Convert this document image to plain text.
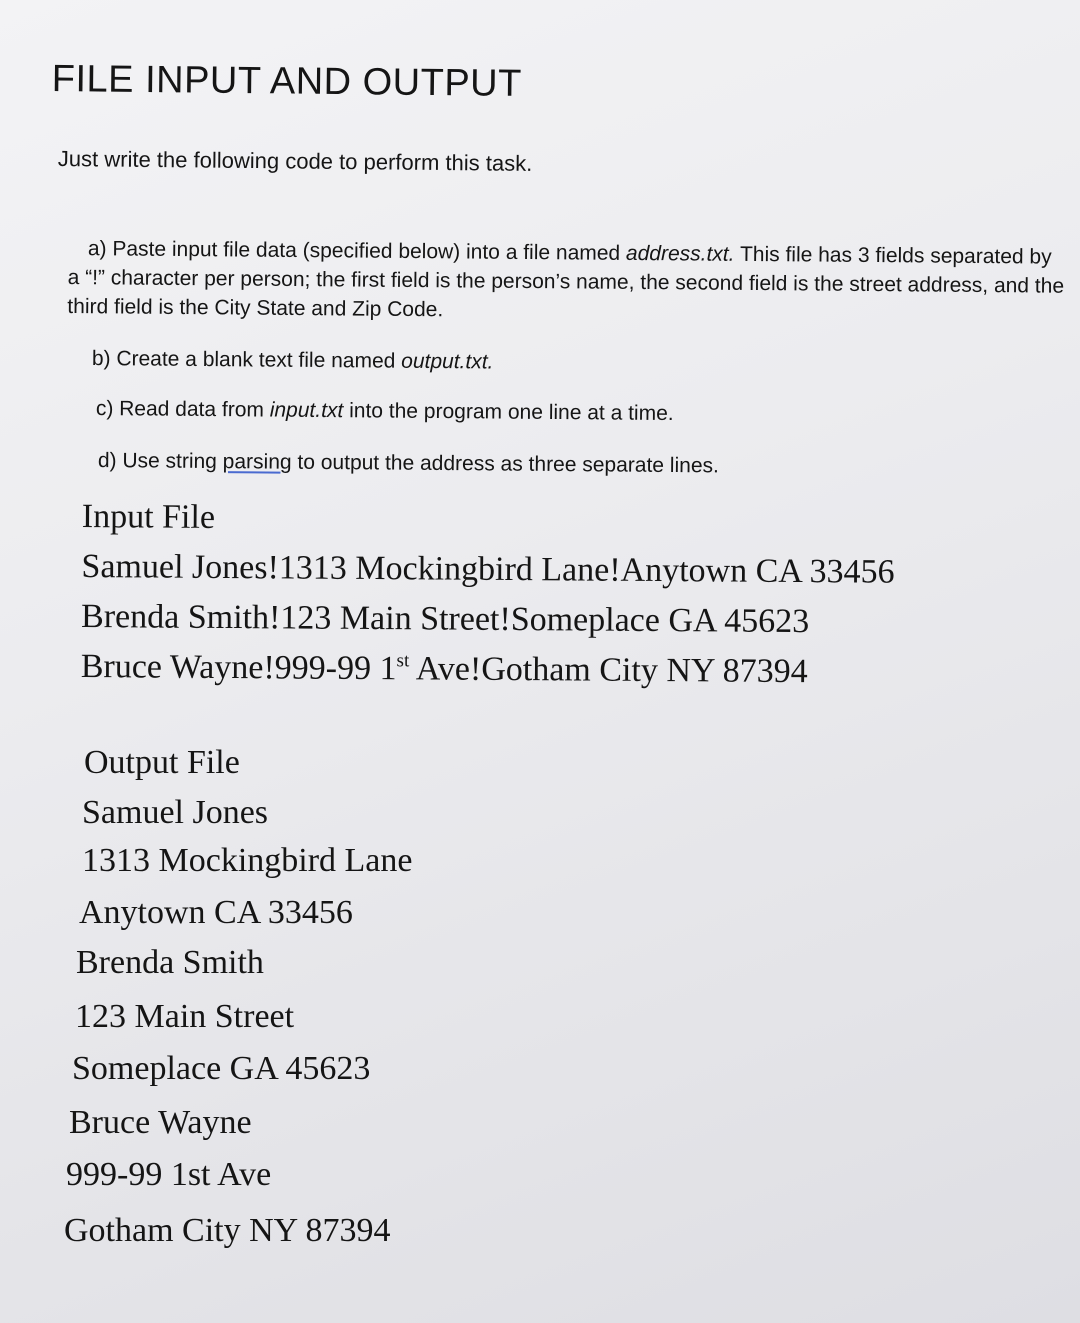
FILE INPUT AND OUTPUT

Just write the following code to perform this task.

a) Paste input file data (specified below) into a file named address.txt. This file has 3 fields separated by a “!” character per person; the first field is the person’s name, the second field is the street address, and the third field is the City State and Zip Code.

b) Create a blank text file named output.txt.

c) Read data from input.txt into the program one line at a time.

d) Use string parsing to output the address as three separate lines.

Input File
Samuel Jones!1313 Mockingbird Lane!Anytown CA 33456
Brenda Smith!123 Main Street!Someplace GA 45623
Bruce Wayne!999-99 1st Ave!Gotham City NY 87394
Output File
Samuel Jones
1313 Mockingbird Lane
Anytown CA 33456
Brenda Smith
123 Main Street
Someplace GA 45623
Bruce Wayne
999-99 1st Ave
Gotham City NY 87394
